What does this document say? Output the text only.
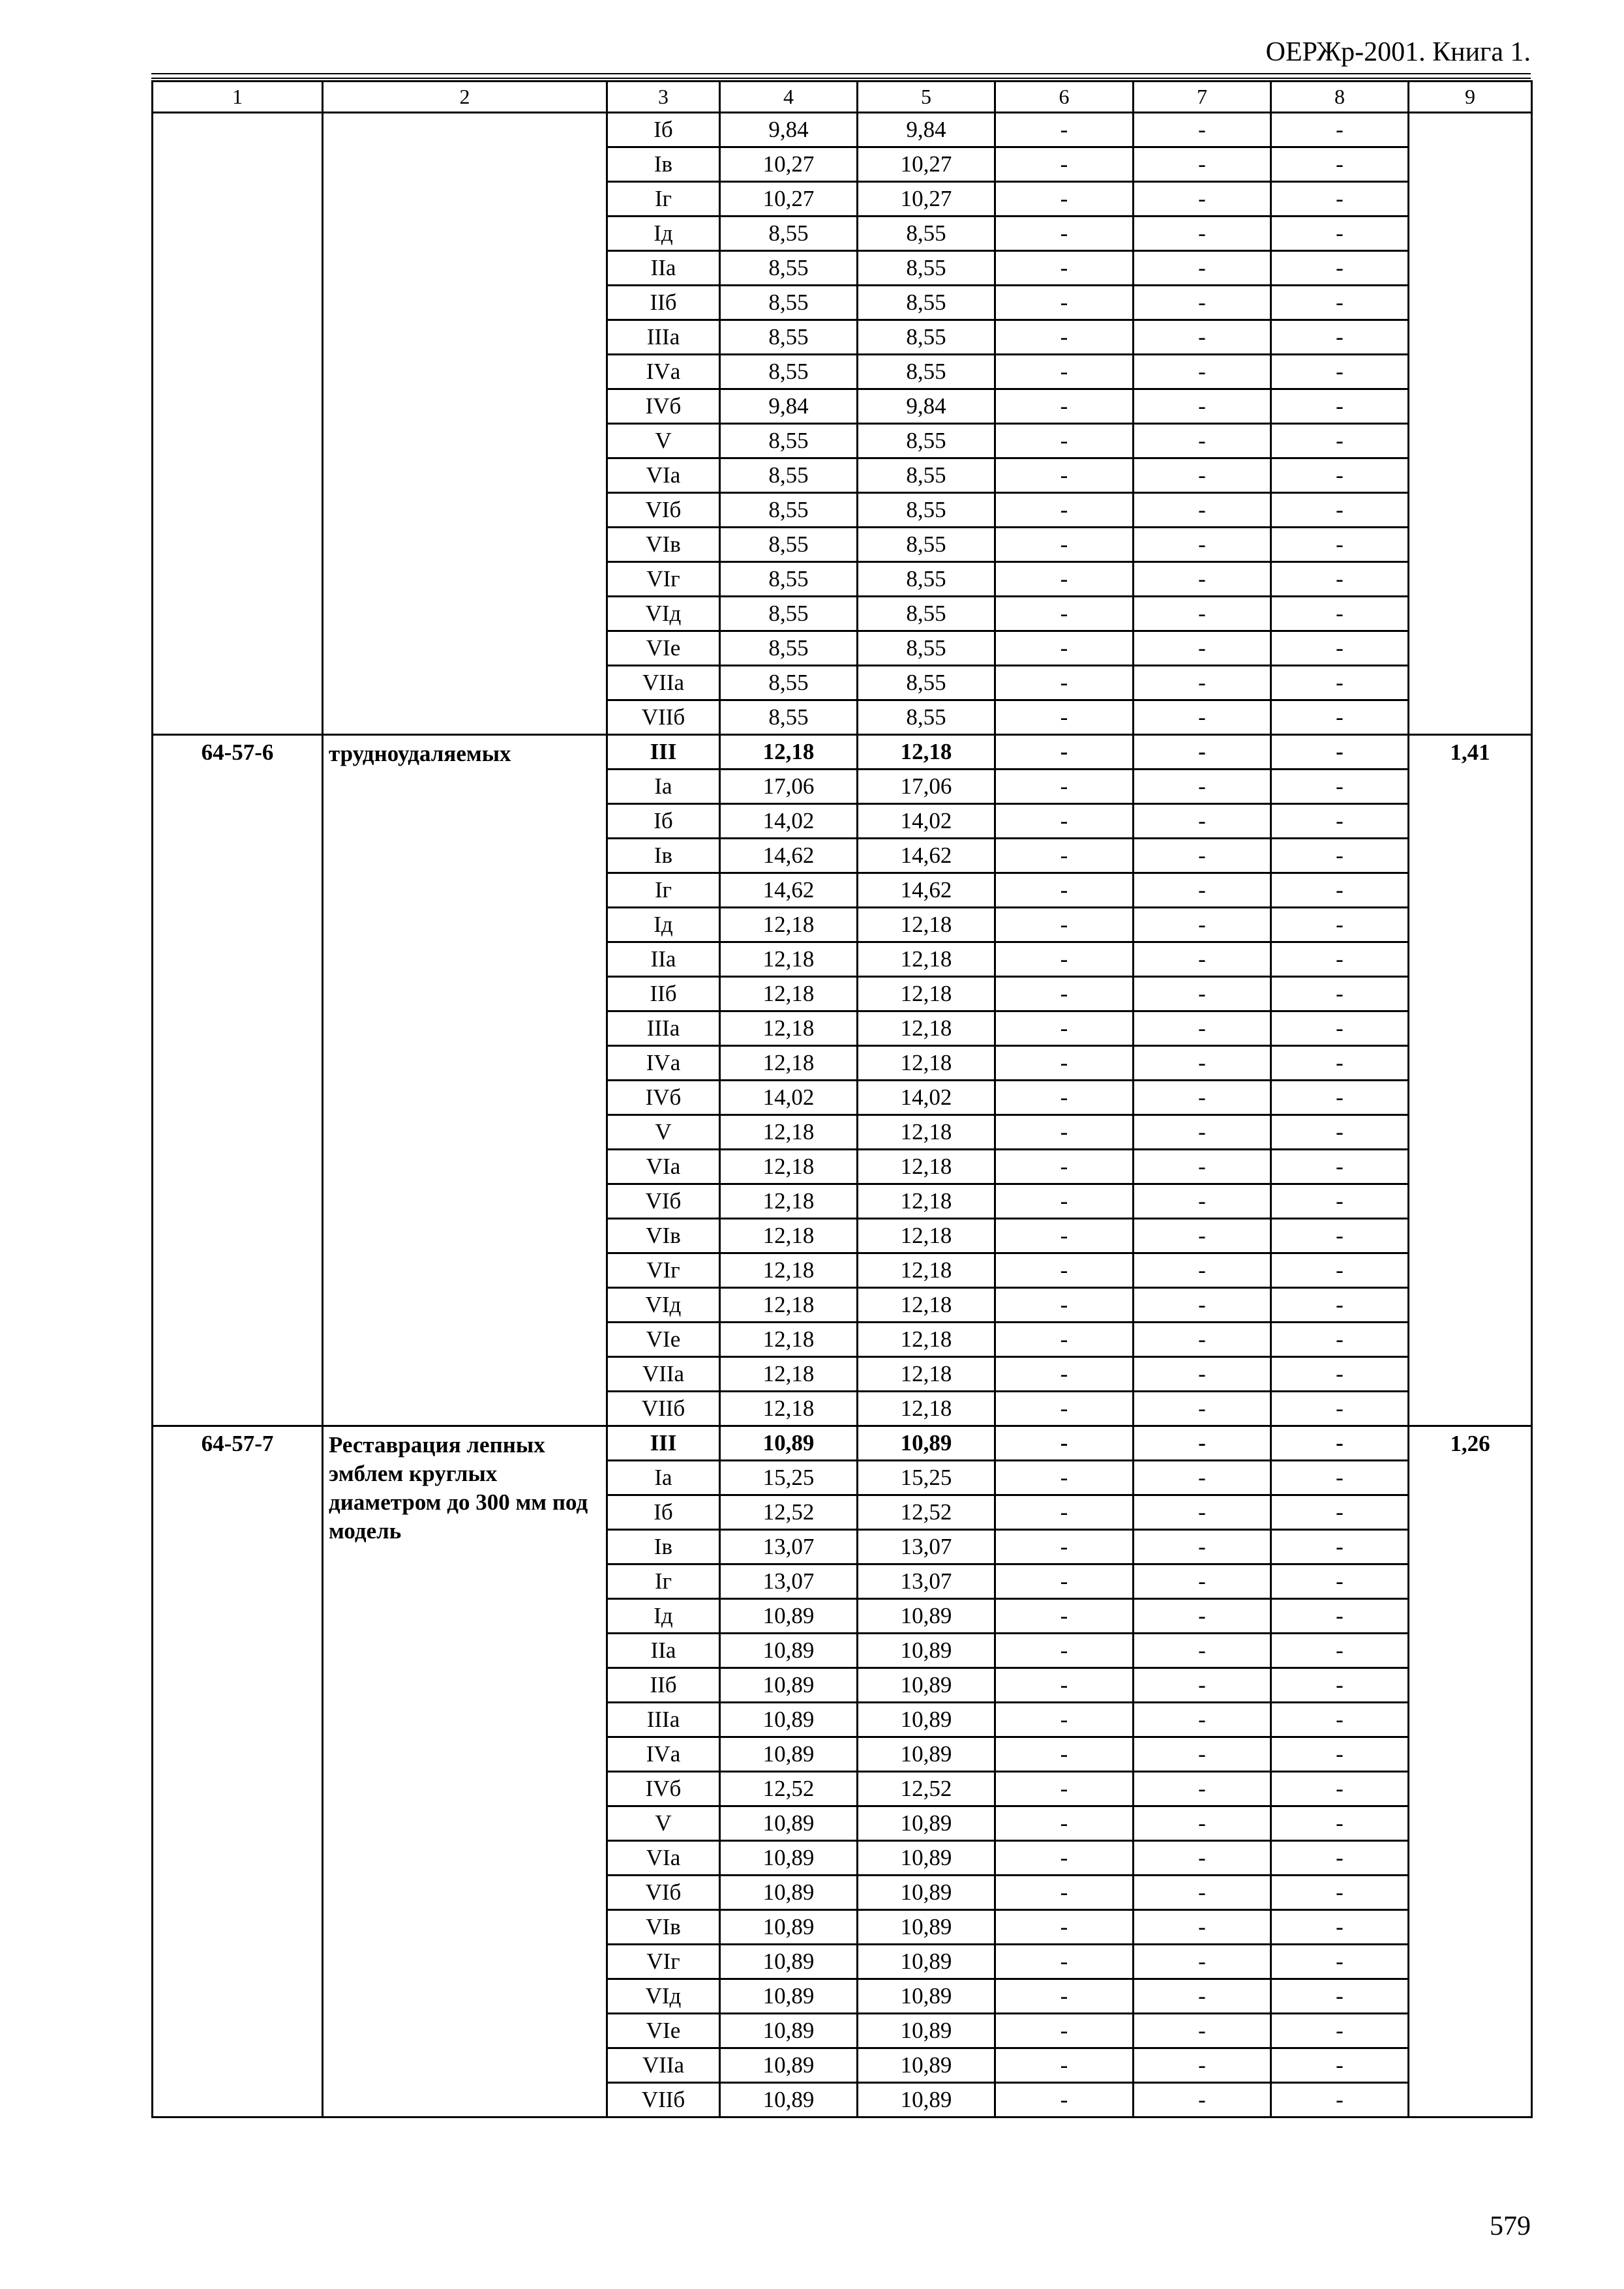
ОЕРЖр-2001. Книга 1.
1	2	3	4	5	6	7	8	9
		Iб	9,84	9,84	-	-	-	
		Iв	10,27	10,27	-	-	-	
		Iг	10,27	10,27	-	-	-	
		Iд	8,55	8,55	-	-	-	
		IIа	8,55	8,55	-	-	-	
		IIб	8,55	8,55	-	-	-	
		IIIа	8,55	8,55	-	-	-	
		IVа	8,55	8,55	-	-	-	
		IVб	9,84	9,84	-	-	-	
		V	8,55	8,55	-	-	-	
		VIа	8,55	8,55	-	-	-	
		VIб	8,55	8,55	-	-	-	
		VIв	8,55	8,55	-	-	-	
		VIг	8,55	8,55	-	-	-	
		VIд	8,55	8,55	-	-	-	
		VIе	8,55	8,55	-	-	-	
		VIIа	8,55	8,55	-	-	-	
		VIIб	8,55	8,55	-	-	-	
64-57-6	трудноудаляемых	III	12,18	12,18	-	-	-	1,41
		Iа	17,06	17,06	-	-	-	
		Iб	14,02	14,02	-	-	-	
		Iв	14,62	14,62	-	-	-	
		Iг	14,62	14,62	-	-	-	
		Iд	12,18	12,18	-	-	-	
		IIа	12,18	12,18	-	-	-	
		IIб	12,18	12,18	-	-	-	
		IIIа	12,18	12,18	-	-	-	
		IVа	12,18	12,18	-	-	-	
		IVб	14,02	14,02	-	-	-	
		V	12,18	12,18	-	-	-	
		VIа	12,18	12,18	-	-	-	
		VIб	12,18	12,18	-	-	-	
		VIв	12,18	12,18	-	-	-	
		VIг	12,18	12,18	-	-	-	
		VIд	12,18	12,18	-	-	-	
		VIе	12,18	12,18	-	-	-	
		VIIа	12,18	12,18	-	-	-	
		VIIб	12,18	12,18	-	-	-	
64-57-7	Реставрация лепных эмблем круглых диаметром до 300 мм под модель	III	10,89	10,89	-	-	-	1,26
		Iа	15,25	15,25	-	-	-	
		Iб	12,52	12,52	-	-	-	
		Iв	13,07	13,07	-	-	-	
		Iг	13,07	13,07	-	-	-	
		Iд	10,89	10,89	-	-	-	
		IIа	10,89	10,89	-	-	-	
		IIб	10,89	10,89	-	-	-	
		IIIа	10,89	10,89	-	-	-	
		IVа	10,89	10,89	-	-	-	
		IVб	12,52	12,52	-	-	-	
		V	10,89	10,89	-	-	-	
		VIа	10,89	10,89	-	-	-	
		VIб	10,89	10,89	-	-	-	
		VIв	10,89	10,89	-	-	-	
		VIг	10,89	10,89	-	-	-	
		VIд	10,89	10,89	-	-	-	
		VIе	10,89	10,89	-	-	-	
		VIIа	10,89	10,89	-	-	-	
		VIIб	10,89	10,89	-	-	-	
579
